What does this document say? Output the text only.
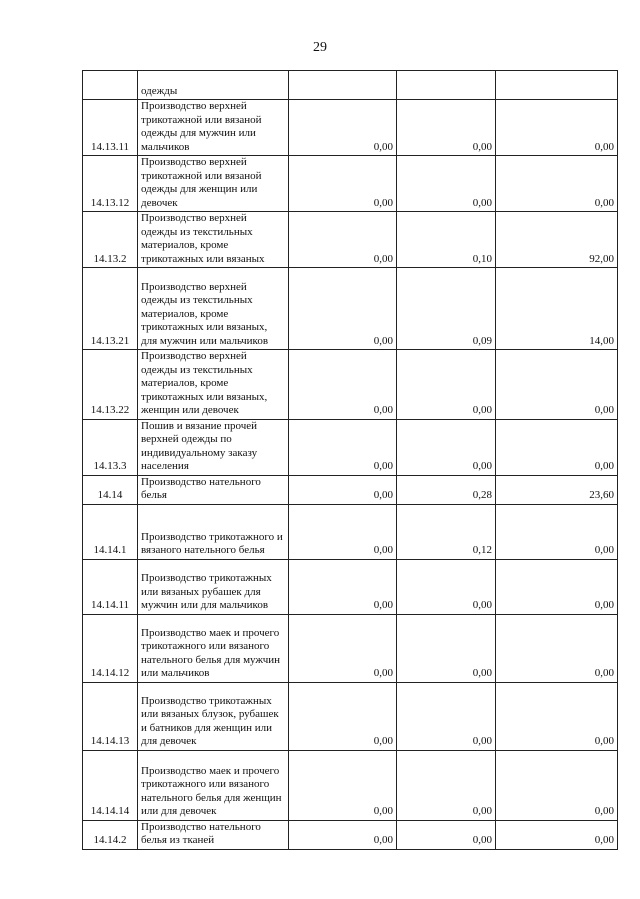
29
	одежды			
14.13.11	Производство верхней трикотажной или вязаной одежды для мужчин или мальчиков	0,00	0,00	0,00
14.13.12	Производство верхней трикотажной или вязаной одежды для женщин или девочек	0,00	0,00	0,00
14.13.2	Производство верхней одежды из текстильных материалов, кроме трикотажных или вязаных	0,00	0,10	92,00
14.13.21	Производство верхней одежды из текстильных материалов, кроме трикотажных или вязаных, для мужчин или мальчиков	0,00	0,09	14,00
14.13.22	Производство верхней одежды из текстильных материалов, кроме трикотажных или вязаных, женщин или девочек	0,00	0,00	0,00
14.13.3	Пошив и вязание прочей верхней одежды по индивидуальному заказу населения	0,00	0,00	0,00
14.14	Производство нательного белья	0,00	0,28	23,60
14.14.1	Производство трикотажного и вязаного нательного белья	0,00	0,12	0,00
14.14.11	Производство трикотажных или вязаных рубашек для мужчин или для мальчиков	0,00	0,00	0,00
14.14.12	Производство маек и прочего трикотажного или вязаного нательного белья для мужчин или мальчиков	0,00	0,00	0,00
14.14.13	Производство трикотажных или вязаных блузок, рубашек и батников для женщин или для девочек	0,00	0,00	0,00
14.14.14	Производство маек и прочего трикотажного или вязаного нательного белья для женщин или для девочек	0,00	0,00	0,00
14.14.2	Производство нательного белья из тканей	0,00	0,00	0,00
